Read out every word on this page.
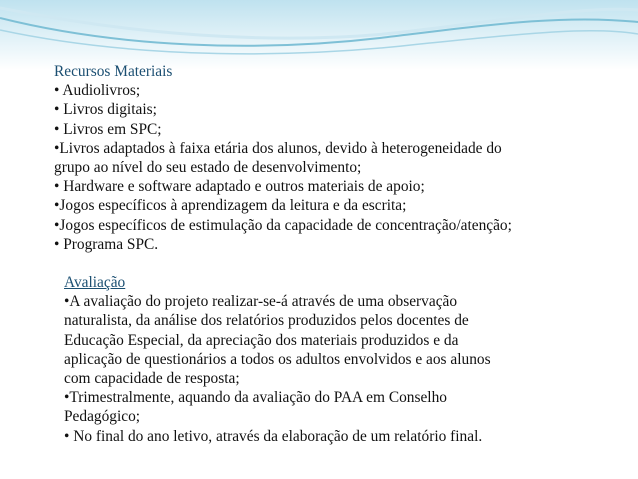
Recursos Materiais

• Audiolivros;

• Livros digitais;

• Livros em SPC;

•Livros adaptados à faixa etária dos alunos, devido à heterogeneidade do

grupo ao nível do seu estado de desenvolvimento;

• Hardware e software adaptado e outros materiais de apoio;

•Jogos específicos à aprendizagem da leitura e da escrita;

•Jogos específicos de estimulação da capacidade de concentração/atenção;

• Programa SPC.

Avaliação

•A avaliação do projeto realizar-se-á através de uma observação

naturalista, da análise dos relatórios produzidos pelos docentes de

Educação Especial, da apreciação dos materiais produzidos e da

aplicação de questionários a todos os adultos envolvidos e aos alunos

com capacidade de resposta;

•Trimestralmente, aquando da avaliação do PAA em Conselho

Pedagógico;

• No final do ano letivo, através da elaboração de um relatório final.
